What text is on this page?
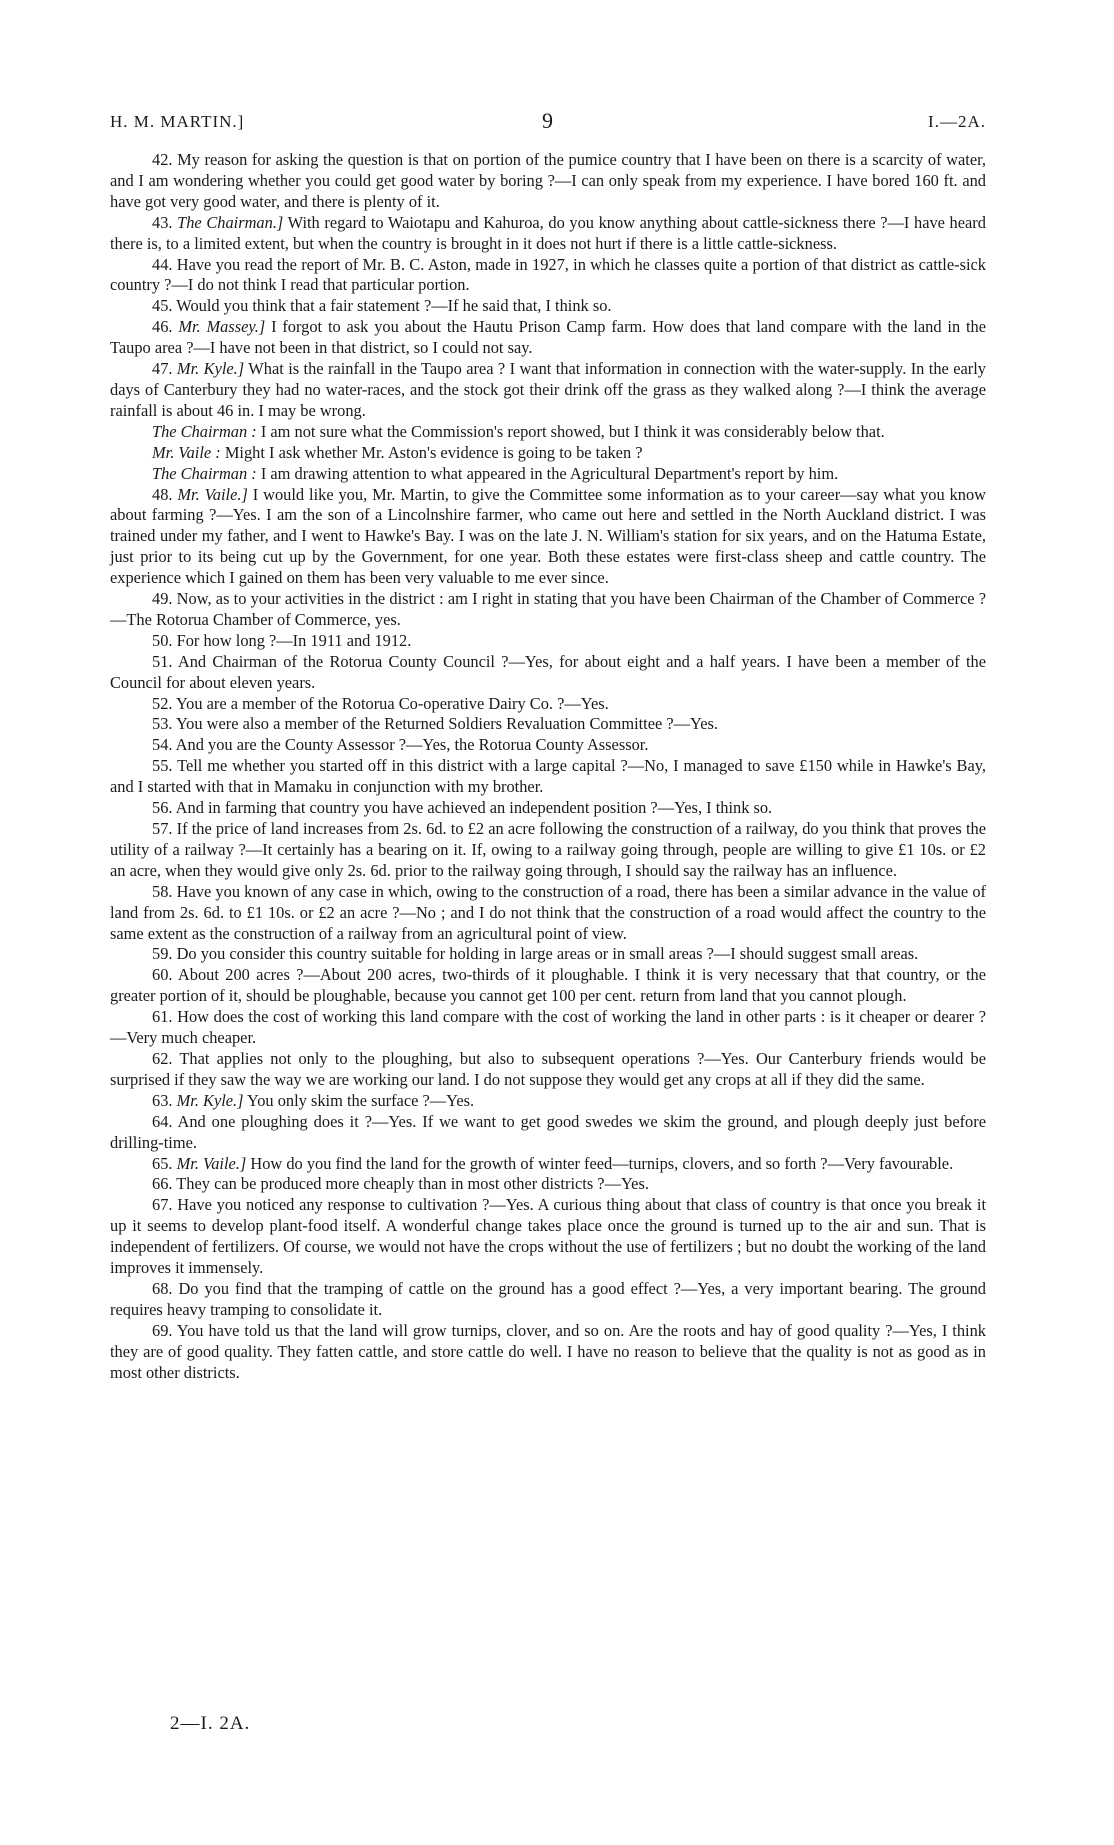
H. M. MARTIN.]	9	I.—2A.

42. My reason for asking the question is that on portion of the pumice country that I have been on there is a scarcity of water, and I am wondering whether you could get good water by boring ?—I can only speak from my experience. I have bored 160 ft. and have got very good water, and there is plenty of it.

43. The Chairman.] With regard to Waiotapu and Kahuroa, do you know anything about cattle-sickness there ?—I have heard there is, to a limited extent, but when the country is brought in it does not hurt if there is a little cattle-sickness.

44. Have you read the report of Mr. B. C. Aston, made in 1927, in which he classes quite a portion of that district as cattle-sick country ?—I do not think I read that particular portion.

45. Would you think that a fair statement ?—If he said that, I think so.

46. Mr. Massey.] I forgot to ask you about the Hautu Prison Camp farm. How does that land compare with the land in the Taupo area ?—I have not been in that district, so I could not say.

47. Mr. Kyle.] What is the rainfall in the Taupo area ? I want that information in connection with the water-supply. In the early days of Canterbury they had no water-races, and the stock got their drink off the grass as they walked along ?—I think the average rainfall is about 46 in. I may be wrong.

The Chairman : I am not sure what the Commission's report showed, but I think it was considerably below that.

Mr. Vaile : Might I ask whether Mr. Aston's evidence is going to be taken ?

The Chairman : I am drawing attention to what appeared in the Agricultural Department's report by him.

48. Mr. Vaile.] I would like you, Mr. Martin, to give the Committee some information as to your career—say what you know about farming ?—Yes. I am the son of a Lincolnshire farmer, who came out here and settled in the North Auckland district. I was trained under my father, and I went to Hawke's Bay. I was on the late J. N. William's station for six years, and on the Hatuma Estate, just prior to its being cut up by the Government, for one year. Both these estates were first-class sheep and cattle country. The experience which I gained on them has been very valuable to me ever since.

49. Now, as to your activities in the district : am I right in stating that you have been Chairman of the Chamber of Commerce ?—The Rotorua Chamber of Commerce, yes.

50. For how long ?—In 1911 and 1912.

51. And Chairman of the Rotorua County Council ?—Yes, for about eight and a half years. I have been a member of the Council for about eleven years.

52. You are a member of the Rotorua Co-operative Dairy Co. ?—Yes.

53. You were also a member of the Returned Soldiers Revaluation Committee ?—Yes.

54. And you are the County Assessor ?—Yes, the Rotorua County Assessor.

55. Tell me whether you started off in this district with a large capital ?—No, I managed to save £150 while in Hawke's Bay, and I started with that in Mamaku in conjunction with my brother.

56. And in farming that country you have achieved an independent position ?—Yes, I think so.

57. If the price of land increases from 2s. 6d. to £2 an acre following the construction of a railway, do you think that proves the utility of a railway ?—It certainly has a bearing on it. If, owing to a railway going through, people are willing to give £1 10s. or £2 an acre, when they would give only 2s. 6d. prior to the railway going through, I should say the railway has an influence.

58. Have you known of any case in which, owing to the construction of a road, there has been a similar advance in the value of land from 2s. 6d. to £1 10s. or £2 an acre ?—No ; and I do not think that the construction of a road would affect the country to the same extent as the construction of a railway from an agricultural point of view.

59. Do you consider this country suitable for holding in large areas or in small areas ?—I should suggest small areas.

60. About 200 acres ?—About 200 acres, two-thirds of it ploughable. I think it is very necessary that that country, or the greater portion of it, should be ploughable, because you cannot get 100 per cent. return from land that you cannot plough.

61. How does the cost of working this land compare with the cost of working the land in other parts : is it cheaper or dearer ?—Very much cheaper.

62. That applies not only to the ploughing, but also to subsequent operations ?—Yes. Our Canterbury friends would be surprised if they saw the way we are working our land. I do not suppose they would get any crops at all if they did the same.

63. Mr. Kyle.] You only skim the surface ?—Yes.

64. And one ploughing does it ?—Yes. If we want to get good swedes we skim the ground, and plough deeply just before drilling-time.

65. Mr. Vaile.] How do you find the land for the growth of winter feed—turnips, clovers, and so forth ?—Very favourable.

66. They can be produced more cheaply than in most other districts ?—Yes.

67. Have you noticed any response to cultivation ?—Yes. A curious thing about that class of country is that once you break it up it seems to develop plant-food itself. A wonderful change takes place once the ground is turned up to the air and sun. That is independent of fertilizers. Of course, we would not have the crops without the use of fertilizers ; but no doubt the working of the land improves it immensely.

68. Do you find that the tramping of cattle on the ground has a good effect ?—Yes, a very important bearing. The ground requires heavy tramping to consolidate it.

69. You have told us that the land will grow turnips, clover, and so on. Are the roots and hay of good quality ?—Yes, I think they are of good quality. They fatten cattle, and store cattle do well. I have no reason to believe that the quality is not as good as in most other districts.

2—I. 2A.
